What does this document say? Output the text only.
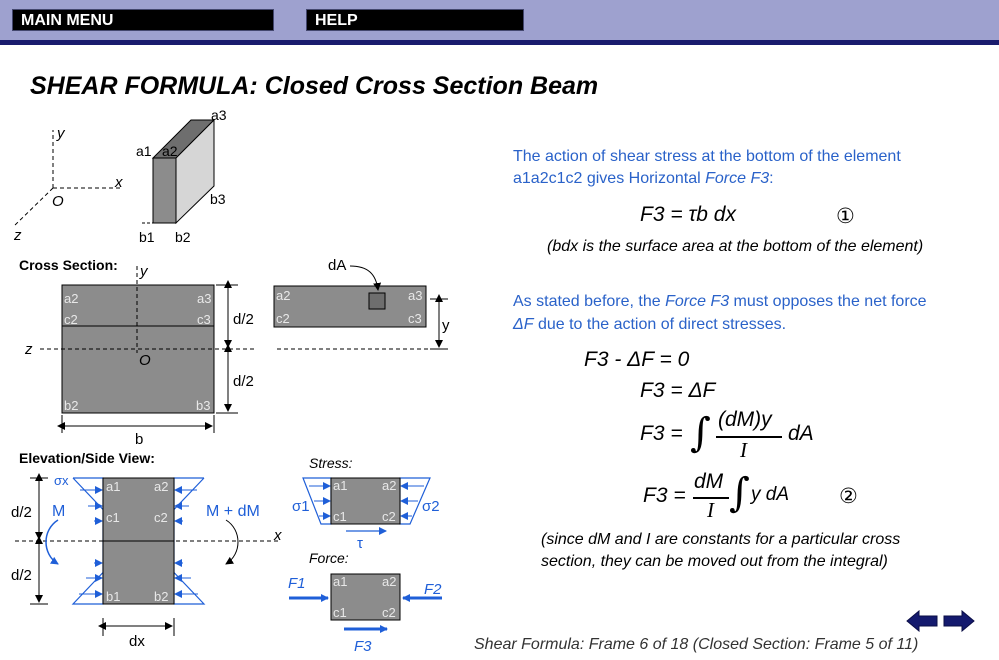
MAIN MENU	HELP
SHEAR FORMULA: Closed Cross Section Beam
y
x
z
O
a3
a1 a2
b3
b1 b2
Cross Section: y
z
O
a2
c2
a3
c3
b2	b3
d/2
d/2
b
a2
c2
a3
c3
dA
y
Elevation/Side View:
a1	a2
c1	c2
b1	b2
σx
x
M	M + dM
d/2
d/2
dx
Stress:
a1	a2
c1	c2
σ1	σ2
τ
Force:
a1	a2
c1	c2
F1	F2
F3
The action of shear stress at the bottom of the element
a1a2c1c2 gives Horizontal Force F3:
F3 = τb dx	①
(bdx is the surface area at the bottom of the element)
As stated before, the Force F3 must opposes the net force
ΔF due to the action of direct stresses.
F3 - ΔF = 0
F3 = ΔF
F3 = ∫ (dM)y
I
dA
F3 =
dM
I ∫ y dA ②
(since dM and I are constants for a particular cross
section, they can be moved out from the integral)
Shear Formula: Frame 6 of 18 (Closed Section: Frame 5 of 11)
